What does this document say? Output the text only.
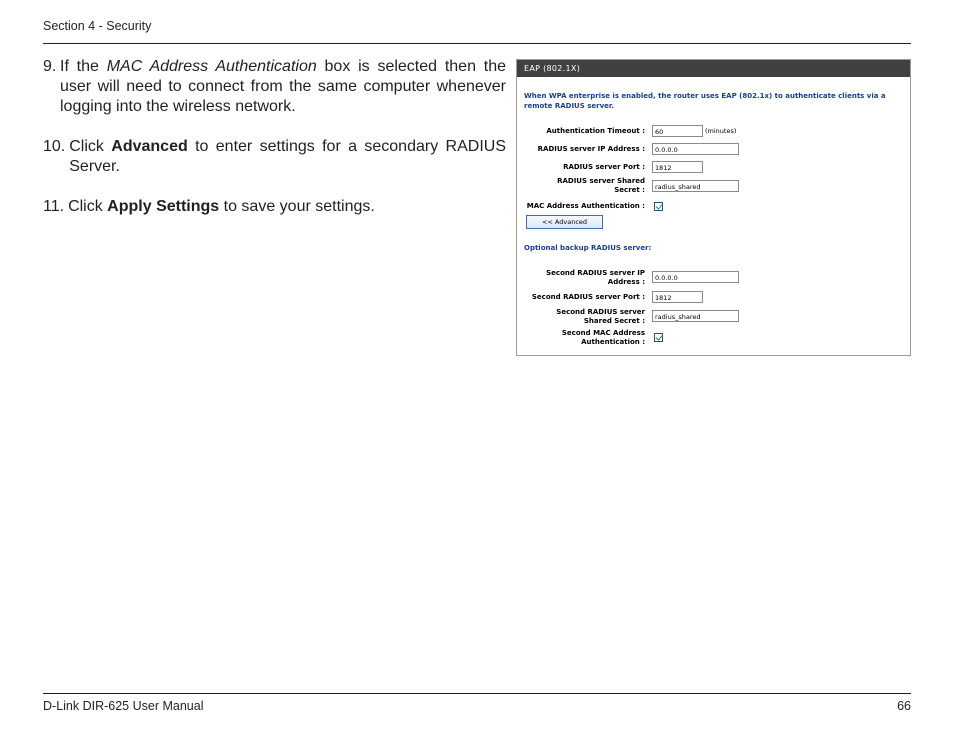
Section 4 - Security
9. If the MAC Address Authentication box is selected then the user will need to connect from the same computer whenever logging into the wireless network.
10. Click Advanced to enter settings for a secondary RADIUS Server.
11. Click Apply Settings to save your settings.
EAP (802.1X)
When WPA enterprise is enabled, the router uses EAP (802.1x) to authenticate clients via a remote RADIUS server.
Authentication Timeout :	60	(minutes)
RADIUS server IP Address :	0.0.0.0
RADIUS server Port :	1812
RADIUS server Shared
Secret :	radius_shared
MAC Address Authentication :
<< Advanced
Optional backup RADIUS server:
Second RADIUS server IP
Address :	0.0.0.0
Second RADIUS server Port :	1812
Second RADIUS server
Shared Secret :	radius_shared
Second MAC Address
Authentication :
D-Link DIR-625 User Manual	66
